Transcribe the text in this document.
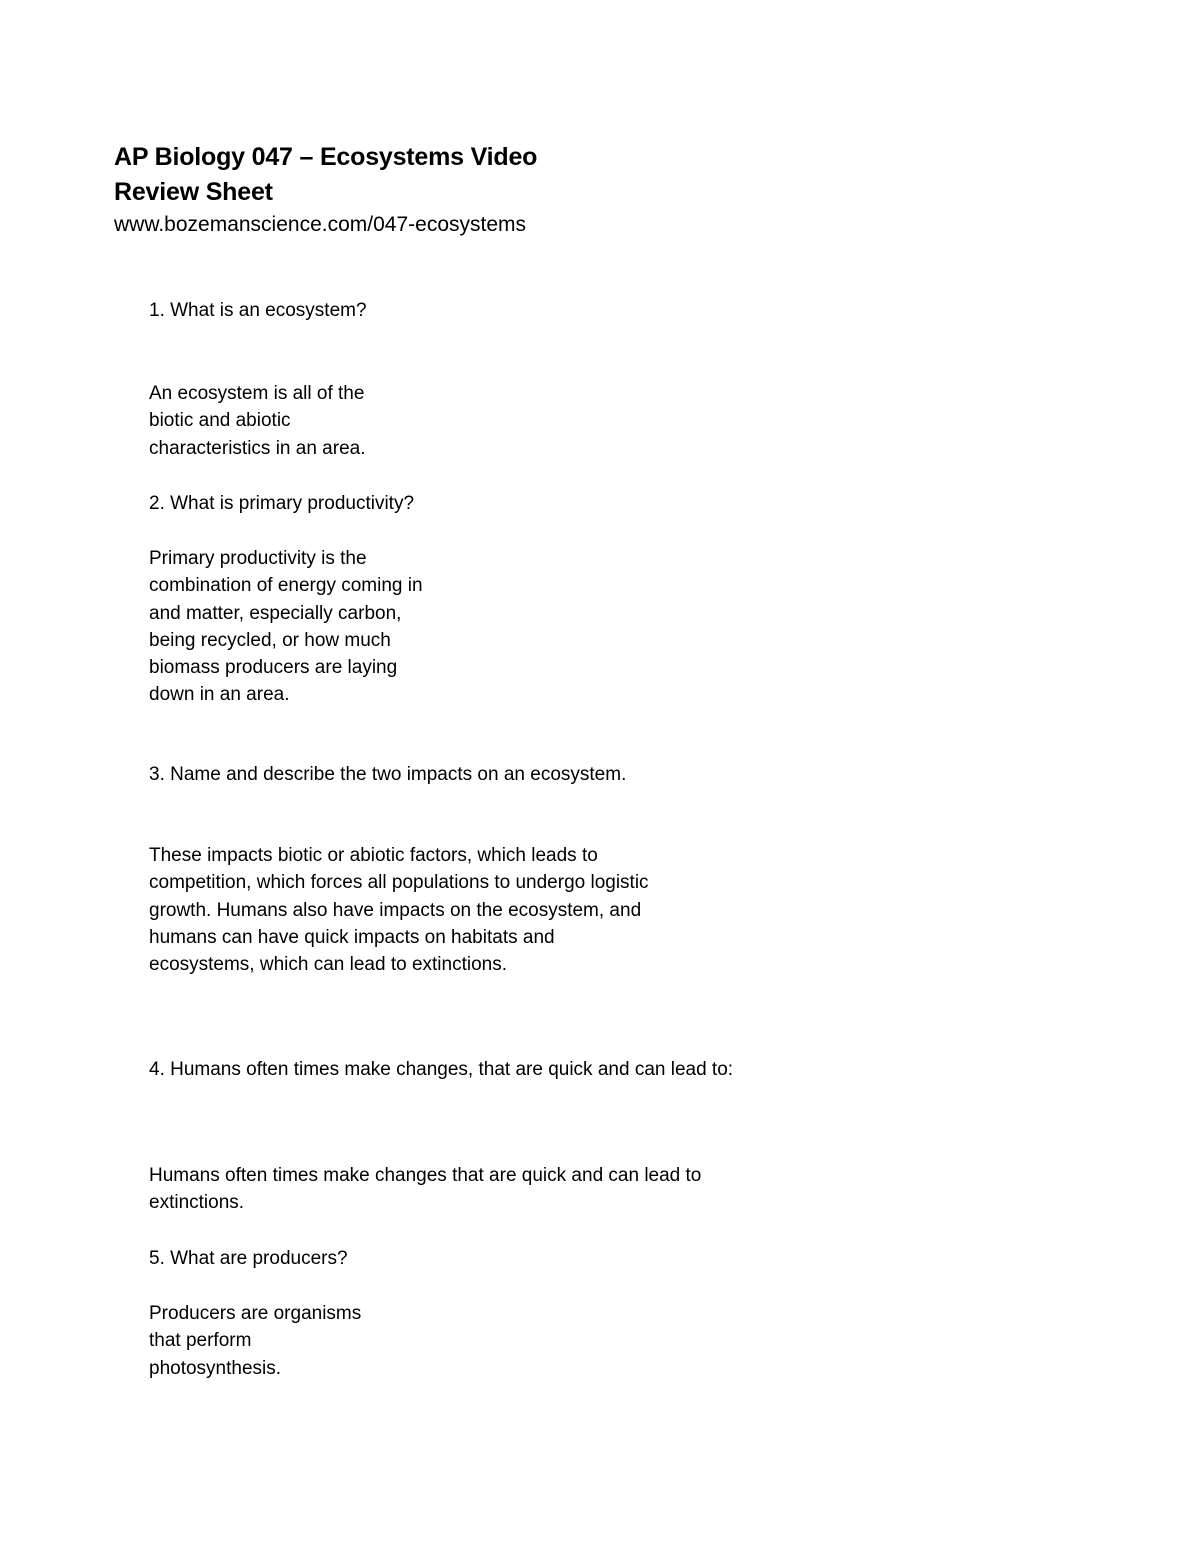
AP Biology 047 – Ecosystems Video
Review Sheet
www.bozemanscience.com/047-ecosystems
1. What is an ecosystem?
An ecosystem is all of the
biotic and abiotic
characteristics in an area.
2. What is primary productivity?
Primary productivity is the
combination of energy coming in
and matter, especially carbon,
being recycled, or how much
biomass producers are laying
down in an area.
3. Name and describe the two impacts on an ecosystem.
These impacts biotic or abiotic factors, which leads to
competition, which forces all populations to undergo logistic
growth. Humans also have impacts on the ecosystem, and
humans can have quick impacts on habitats and
ecosystems, which can lead to extinctions.
4. Humans often times make changes, that are quick and can lead to:
Humans often times make changes that are quick and can lead to
extinctions.
5. What are producers?
Producers are organisms
that perform
photosynthesis.
